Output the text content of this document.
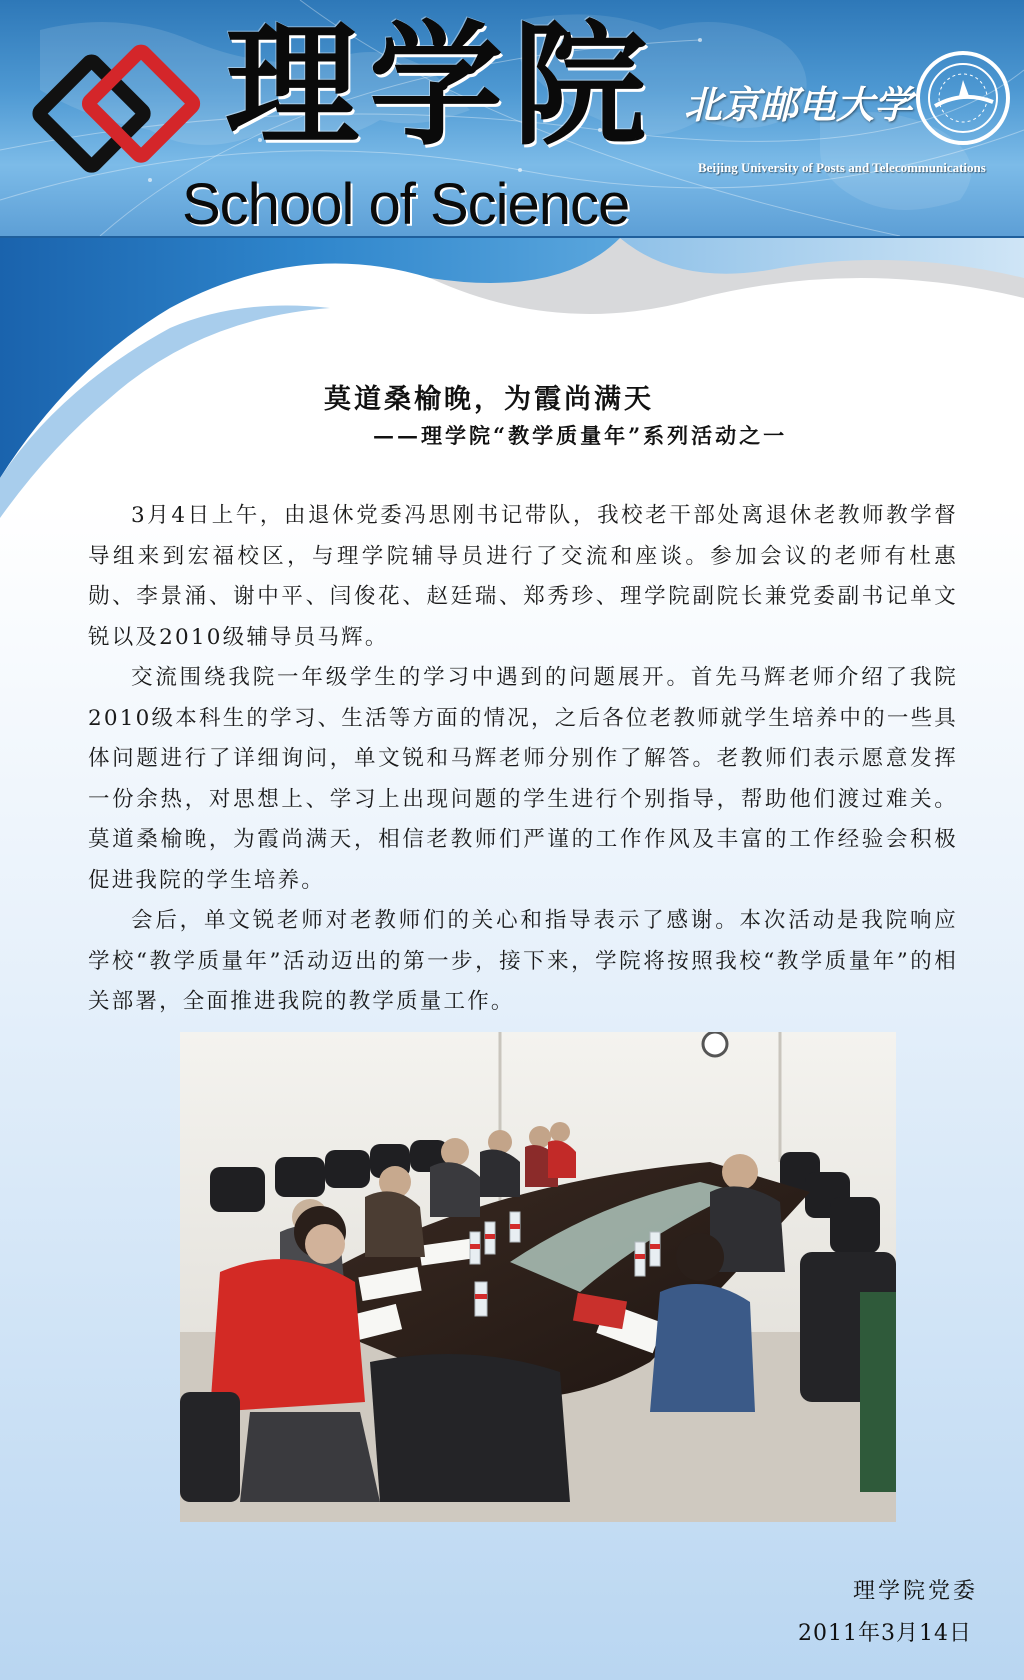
理学院
School of Science
北京邮电大学
Beijing University of Posts and Telecommunications
莫道桑榆晚，为霞尚满天
——理学院“教学质量年”系列活动之一

3月4日上午，由退休党委冯思刚书记带队，我校老干部处离退休老教师教学督导组来到宏福校区，与理学院辅导员进行了交流和座谈。参加会议的老师有杜惠勋、李景涌、谢中平、闫俊花、赵廷瑞、郑秀珍、理学院副院长兼党委副书记单文锐以及2010级辅导员马辉。

交流围绕我院一年级学生的学习中遇到的问题展开。首先马辉老师介绍了我院2010级本科生的学习、生活等方面的情况，之后各位老教师就学生培养中的一些具体问题进行了详细询问，单文锐和马辉老师分别作了解答。老教师们表示愿意发挥一份余热，对思想上、学习上出现问题的学生进行个别指导，帮助他们渡过难关。莫道桑榆晚，为霞尚满天，相信老教师们严谨的工作作风及丰富的工作经验会积极促进我院的学生培养。

会后，单文锐老师对老教师们的关心和指导表示了感谢。本次活动是我院响应学校“教学质量年”活动迈出的第一步，接下来，学院将按照我校“教学质量年”的相关部署，全面推进我院的教学质量工作。

理学院党委
2011年3月14日
